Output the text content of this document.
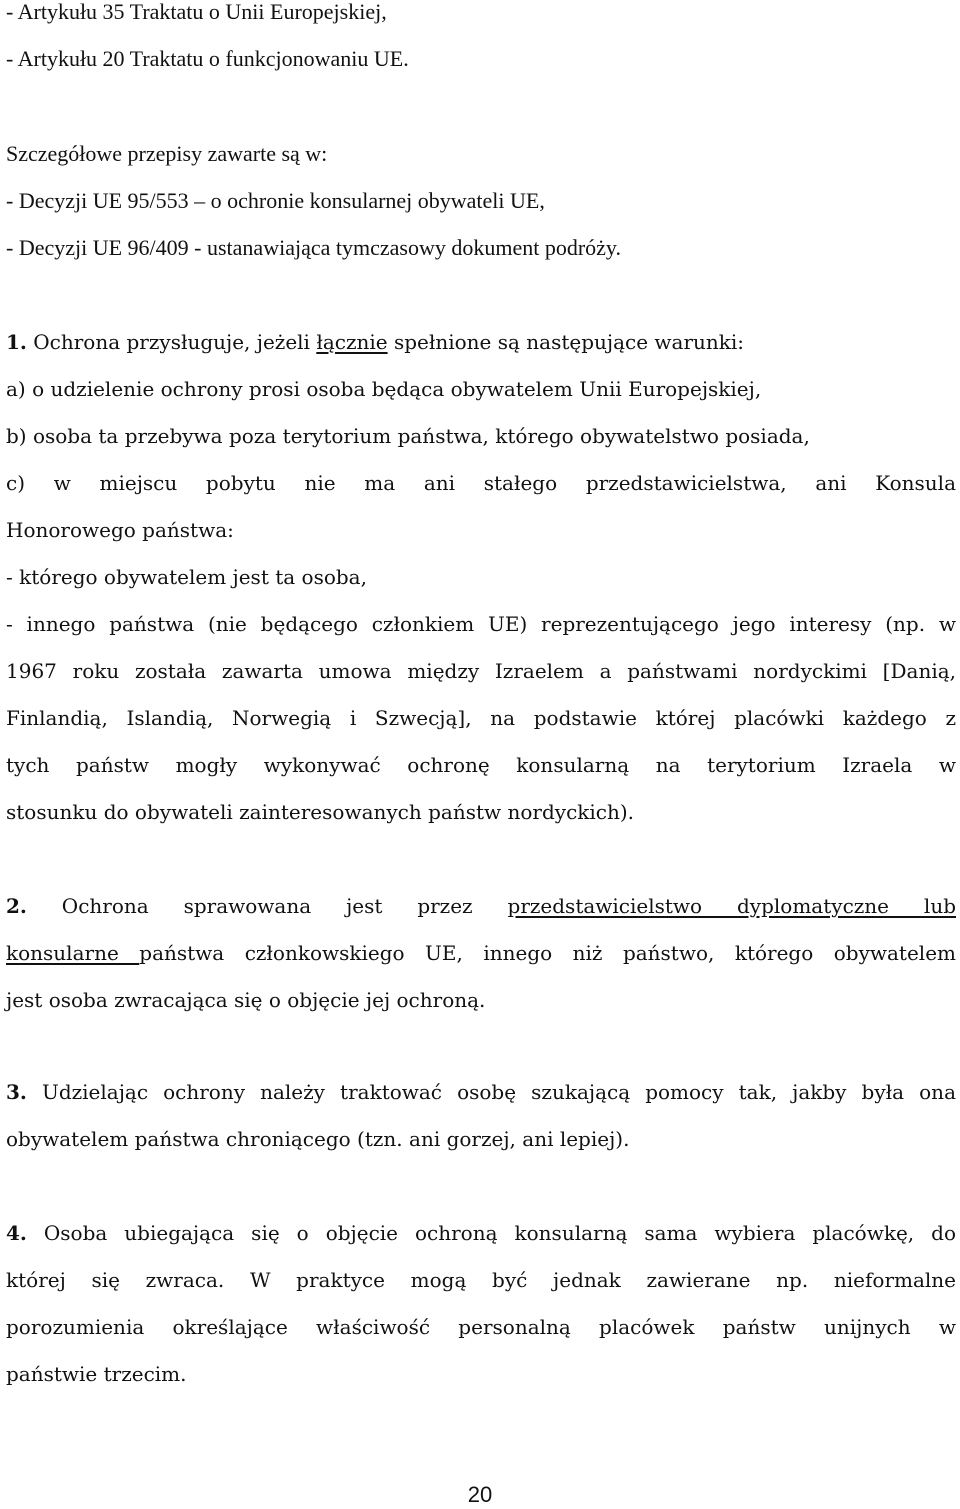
- Artykułu 35 Traktatu o Unii Europejskiej,
- Artykułu 20 Traktatu o funkcjonowaniu UE.
Szczegółowe przepisy zawarte są w:
- Decyzji UE 95/553 – o ochronie konsularnej obywateli UE,
- Decyzji UE 96/409 - ustanawiająca tymczasowy dokument podróży.
1. Ochrona przysługuje, jeżeli łącznie spełnione są następujące warunki:
a) o udzielenie ochrony prosi osoba będąca obywatelem Unii Europejskiej,
b) osoba ta przebywa poza terytorium państwa, którego obywatelstwo posiada,
c) w miejscu pobytu nie ma ani stałego przedstawicielstwa, ani Konsula
Honorowego państwa:
- którego obywatelem jest ta osoba,
- innego państwa (nie będącego członkiem UE) reprezentującego jego interesy (np. w
1967 roku została zawarta umowa między Izraelem a państwami nordyckimi [Danią,
Finlandią, Islandią, Norwegią i Szwecją], na podstawie której placówki każdego z
tych państw mogły wykonywać ochronę konsularną na terytorium Izraela w
stosunku do obywateli zainteresowanych państw nordyckich).
2. Ochrona sprawowana jest przez przedstawicielstwo dyplomatyczne lub
konsularne państwa członkowskiego UE, innego niż państwo, którego obywatelem
jest osoba zwracająca się o objęcie jej ochroną.
3. Udzielając ochrony należy traktować osobę szukającą pomocy tak, jakby była ona
obywatelem państwa chroniącego (tzn. ani gorzej, ani lepiej).
4. Osoba ubiegająca się o objęcie ochroną konsularną sama wybiera placówkę, do
której się zwraca. W praktyce mogą być jednak zawierane np. nieformalne
porozumienia określające właściwość personalną placówek państw unijnych w
państwie trzecim.
20
